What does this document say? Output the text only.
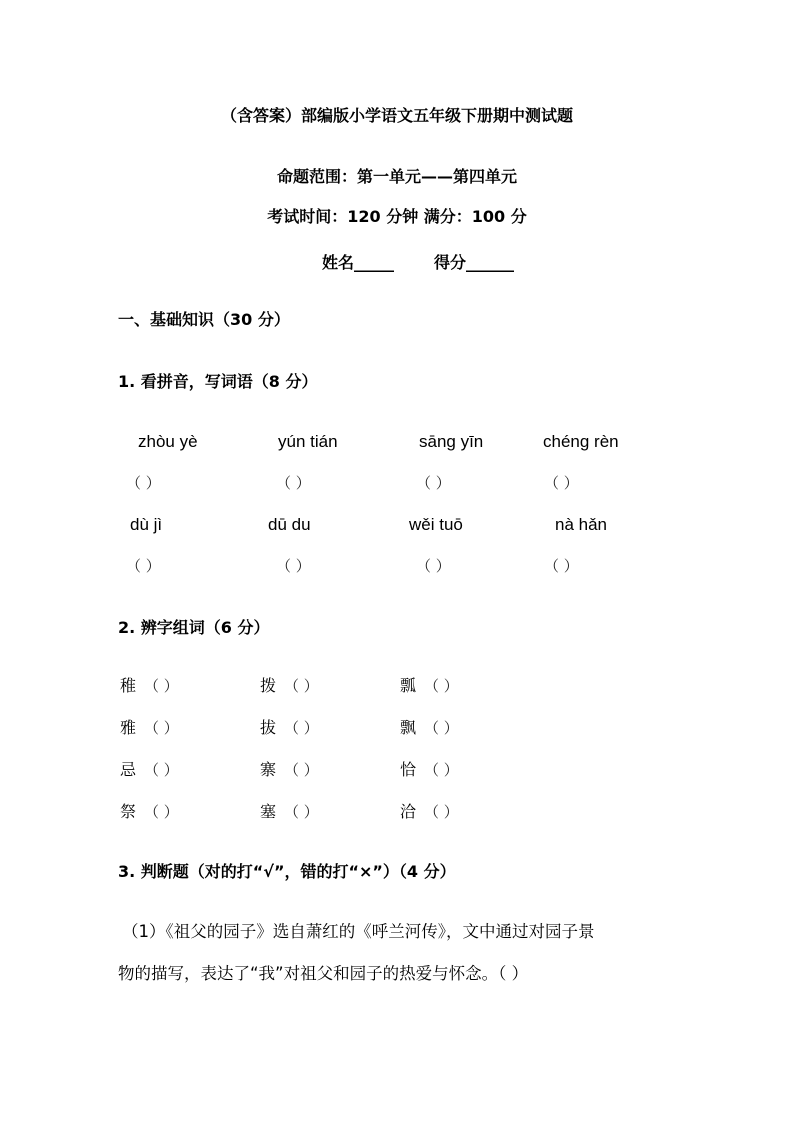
（含答案）部编版小学语文五年级下册期中测试题
命题范围：第一单元——第四单元
考试时间：120 分钟 满分：100 分
姓名_____ 得分______
一、基础知识（30 分）
1. 看拼音，写词语（8 分）
zhòu yè	yún tián	sāng yīn	chéng rèn
（ ）	（ ）	（ ）	（ ）
dù jì	dū du	wěi tuō	nà hǎn
（ ）	（ ）	（ ）	（ ）
2. 辨字组词（6 分）
稚 （ ）	拨 （ ）	瓢 （ ）
雅 （ ）	拔 （ ）	飘 （ ）
忌 （ ）	寨 （ ）	恰 （ ）
祭 （ ）	塞 （ ）	洽 （ ）
3. 判断题（对的打“√”，错的打“×”）（4 分）
（1）《祖父的园子》选自萧红的《呼兰河传》，文中通过对园子景
物的描写，表达了“我”对祖父和园子的热爱与怀念。（ ）
